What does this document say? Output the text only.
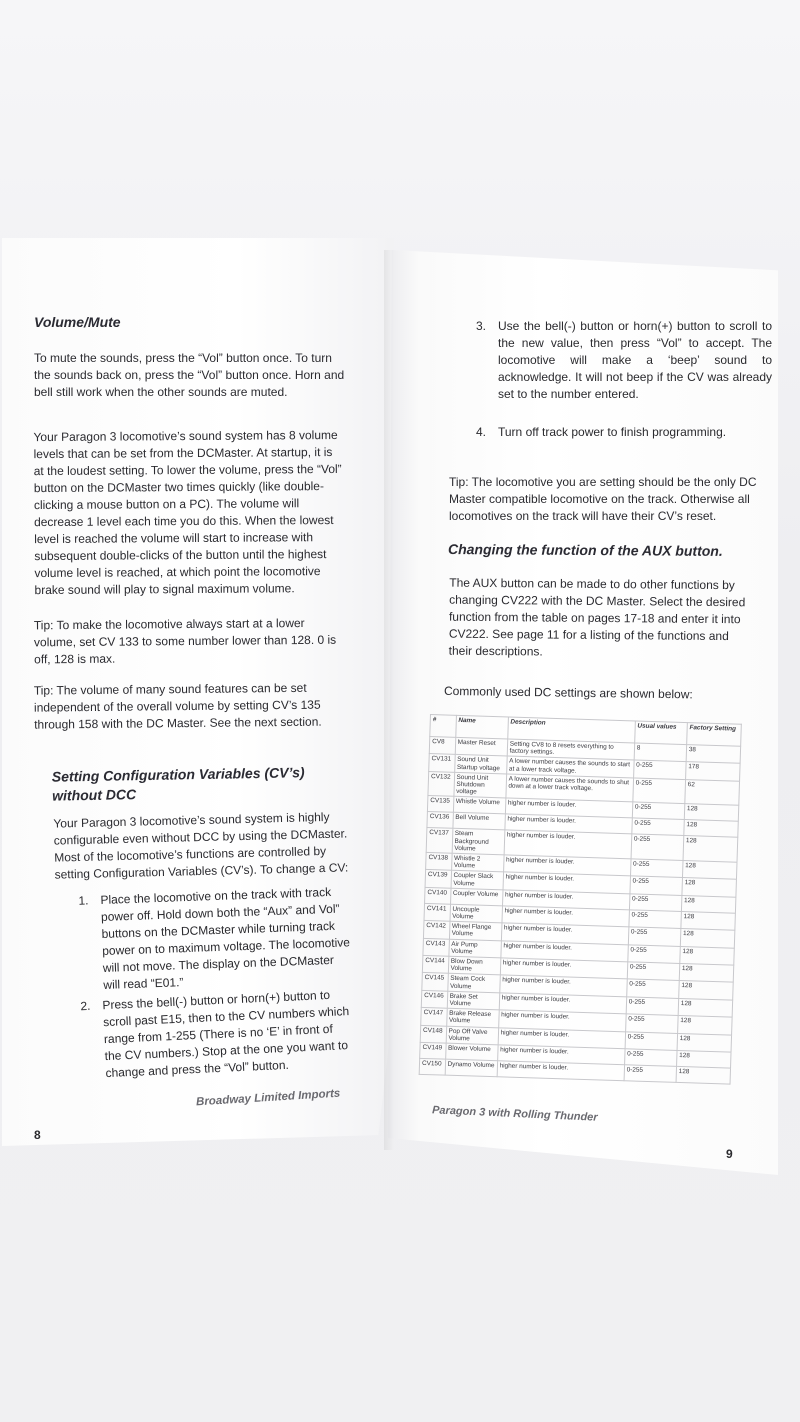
Volume/Mute
To mute the sounds, press the “Vol” button once. To turn the sounds back on, press the “Vol” button once. Horn and bell still work when the other sounds are muted.
Your Paragon 3 locomotive’s sound system has 8 volume levels that can be set from the DCMaster. At startup, it is at the loudest setting. To lower the volume, press the “Vol” button on the DCMaster two times quickly (like double-clicking a mouse button on a PC). The volume will decrease 1 level each time you do this. When the lowest level is reached the volume will start to increase with subsequent double-clicks of the button until the highest volume level is reached, at which point the locomotive brake sound will play to signal maximum volume.
Tip: To make the locomotive always start at a lower volume, set CV 133 to some number lower than 128. 0 is off, 128 is max.
Tip: The volume of many sound features can be set independent of the overall volume by setting CV’s 135 through 158 with the DC Master. See the next section.
Setting Configuration Variables (CV’s) without DCC
Your Paragon 3 locomotive’s sound system is highly configurable even without DCC by using the DCMaster. Most of the locomotive’s functions are controlled by setting Configuration Variables (CV’s). To change a CV:
1. Place the locomotive on the track with track power off. Hold down both the “Aux” and Vol” buttons on the DCMaster while turning track power on to maximum voltage. The locomotive will not move. The display on the DCMaster will read “E01.”
2. Press the bell(-) button or horn(+) button to scroll past E15, then to the CV numbers which range from 1-255 (There is no ‘E’ in front of the CV numbers.) Stop at the one you want to change and press the “Vol” button.
Broadway Limited Imports
8
3. Use the bell(-) button or horn(+) button to scroll to the new value, then press “Vol” to accept. The locomotive will make a ‘beep’ sound to acknowledge. It will not beep if the CV was already set to the number entered.
4. Turn off track power to finish programming.
Tip: The locomotive you are setting should be the only DC Master compatible locomotive on the track. Otherwise all locomotives on the track will have their CV’s reset.
Changing the function of the AUX button.
The AUX button can be made to do other functions by changing CV222 with the DC Master. Select the desired function from the table on pages 17-18 and enter it into CV222. See page 11 for a listing of the functions and their descriptions.
Commonly used DC settings are shown below:
#	Name	Description	Usual values	Factory Setting
CV8	Master Reset	Setting CV8 to 8 resets everything to factory settings.	8	38
CV131	Sound Unit Startup voltage	A lower number causes the sounds to start at a lower track voltage.	0-255	178
CV132	Sound Unit Shutdown voltage	A lower number causes the sounds to shut down at a lower track voltage.	0-255	62
CV135	Whistle Volume	higher number is louder.	0-255	128
CV136	Bell Volume	higher number is louder.	0-255	128
CV137	Steam Background Volume	higher number is louder.	0-255	128
CV138	Whistle 2 Volume	higher number is louder.	0-255	128
CV139	Coupler Slack Volume	higher number is louder.	0-255	128
CV140	Coupler Volume	higher number is louder.	0-255	128
CV141	Uncouple Volume	higher number is louder.	0-255	128
CV142	Wheel Flange Volume	higher number is louder.	0-255	128
CV143	Air Pump Volume	higher number is louder.	0-255	128
CV144	Blow Down Volume	higher number is louder.	0-255	128
CV145	Steam Cock Volume	higher number is louder.	0-255	128
CV146	Brake Set Volume	higher number is louder.	0-255	128
CV147	Brake Release Volume	higher number is louder.	0-255	128
CV148	Pop Off Valve Volume	higher number is louder.	0-255	128
CV149	Blower Volume	higher number is louder.	0-255	128
CV150	Dynamo Volume	higher number is louder.	0-255	128
Paragon 3 with Rolling Thunder
9
